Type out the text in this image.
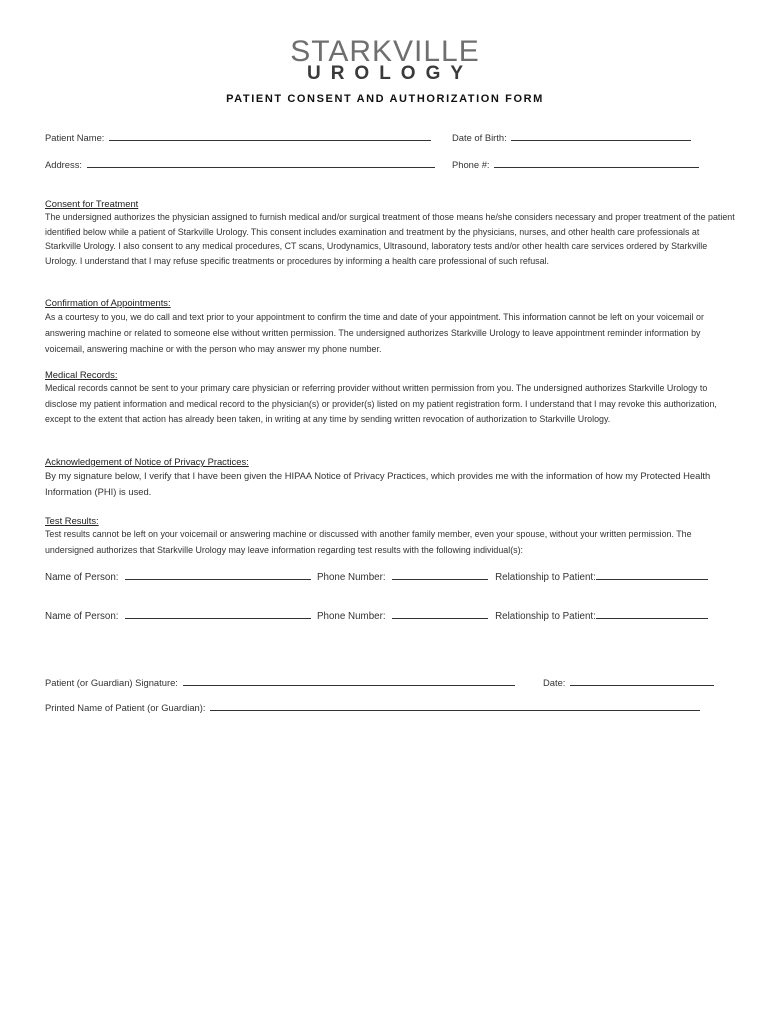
STARKVILLE
UROLOGY
PATIENT CONSENT AND AUTHORIZATION FORM
Patient Name:	Date of Birth:
Address:	Phone #:
Consent for Treatment
The undersigned authorizes the physician assigned to furnish medical and/or surgical treatment of those means he/she considers necessary and proper treatment of the patient identified below while a patient of Starkville Urology. This consent includes examination and treatment by the physicians, nurses, and other health care professionals at Starkville Urology. I also consent to any medical procedures, CT scans, Urodynamics, Ultrasound, laboratory tests and/or other health care services ordered by Starkville Urology. I understand that I may refuse specific treatments or procedures by informing a health care professional of such refusal.
Confirmation of Appointments:
As a courtesy to you, we do call and text prior to your appointment to confirm the time and date of your appointment. This information cannot be left on your voicemail or answering machine or related to someone else without written permission. The undersigned authorizes Starkville Urology to leave appointment reminder information by voicemail, answering machine or with the person who may answer my phone number.
Medical Records:
Medical records cannot be sent to your primary care physician or referring provider without written permission from you. The undersigned authorizes Starkville Urology to disclose my patient information and medical record to the physician(s) or provider(s) listed on my patient registration form. I understand that I may revoke this authorization, except to the extent that action has already been taken, in writing at any time by sending written revocation of authorization to Starkville Urology.
Acknowledgement of Notice of Privacy Practices:
By my signature below, I verify that I have been given the HIPAA Notice of Privacy Practices, which provides me with the information of how my Protected Health Information (PHI) is used.
Test Results:
Test results cannot be left on your voicemail or answering machine or discussed with another family member, even your spouse, without your written permission. The undersigned authorizes that Starkville Urology may leave information regarding test results with the following individual(s):
Name of Person:	Phone Number:	Relationship to Patient:
Name of Person:	Phone Number:	Relationship to Patient:
Patient (or Guardian) Signature:	Date:
Printed Name of Patient (or Guardian):
